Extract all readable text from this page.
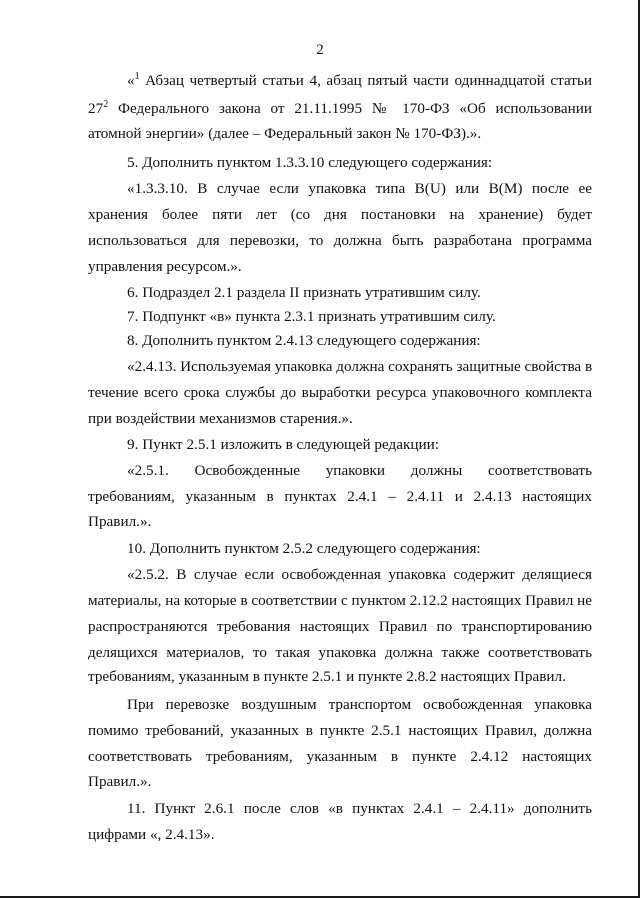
2
«$^1$ Абзац четвертый статьи 4, абзац пятый части одиннадцатой статьи
$27^2$ Федерального закона от 21.11.1995 № 170-ФЗ «Об использовании
атомной энергии» (далее – Федеральный закон № 170-ФЗ).».
5. Дополнить пунктом 1.3.3.10 следующего содержания:
«1.3.3.10. В случае если упаковка типа B(U) или B(M) после ее
хранения более пяти лет (со дня постановки на хранение) будет
использоваться для перевозки, то должна быть разработана программа
управления ресурсом.».
6. Подраздел 2.1 раздела II признать утратившим силу.
7. Подпункт «в» пункта 2.3.1 признать утратившим силу.
8. Дополнить пунктом 2.4.13 следующего содержания:
«2.4.13. Используемая упаковка должна сохранять защитные свойства в
течение всего срока службы до выработки ресурса упаковочного комплекта
при воздействии механизмов старения.».
9. Пункт 2.5.1 изложить в следующей редакции:
«2.5.1. Освобожденные упаковки должны соответствовать
требованиям, указанным в пунктах 2.4.1 – 2.4.11 и 2.4.13 настоящих
Правил.».
10. Дополнить пунктом 2.5.2 следующего содержания:
«2.5.2. В случае если освобожденная упаковка содержит делящиеся
материалы, на которые в соответствии с пунктом 2.12.2 настоящих Правил не
распространяются требования настоящих Правил по транспортированию
делящихся материалов, то такая упаковка должна также соответствовать
требованиям, указанным в пункте 2.5.1 и пункте 2.8.2 настоящих Правил.
При перевозке воздушным транспортом освобожденная упаковка
помимо требований, указанных в пункте 2.5.1 настоящих Правил, должна
соответствовать требованиям, указанным в пункте 2.4.12 настоящих
Правил.».
11. Пункт 2.6.1 после слов «в пунктах 2.4.1 – 2.4.11» дополнить
цифрами «, 2.4.13».
